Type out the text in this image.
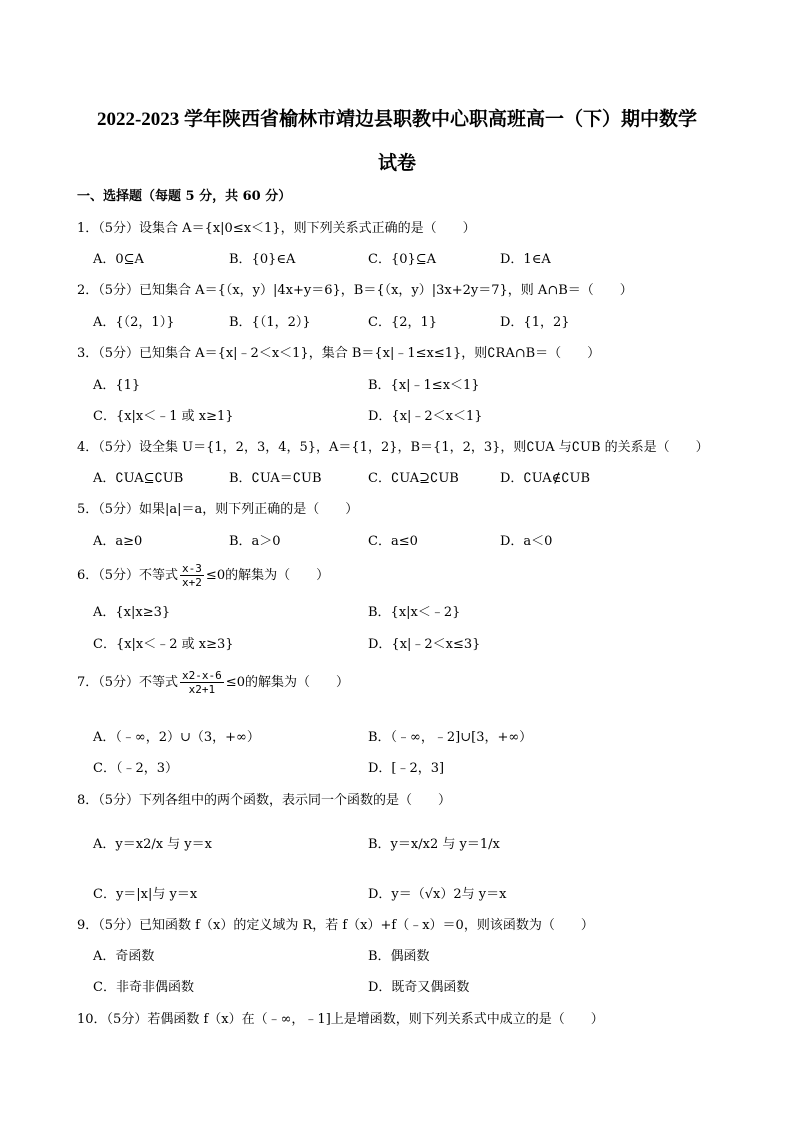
2022-2023 学年陕西省榆林市靖边县职教中心职高班高一（下）期中数学
试卷
一、选择题（每题 5 分，共 60 分）
1．（5分）设集合 A＝{x|0≤x＜1}，则下列关系式正确的是（　　）
A．0⊆A	B．{0}∈A	C．{0}⊆A	D．1∈A
2．（5分）已知集合 A＝{（x，y）|4x+y＝6}，B＝{（x，y）|3x+2y＝7}，则 A∩B＝（　　）
A．{（2，1）}	B．{（1，2）}	C．{2，1}	D．{1，2}
3．（5分）已知集合 A＝{x|﹣2＜x＜1}，集合 B＝{x|﹣1≤x≤1}，则∁RA∩B＝（　　）
A．{1}	B．{x|﹣1≤x＜1}
C．{x|x＜﹣1 或 x≥1}	D．{x|﹣2＜x＜1}
4．（5分）设全集 U＝{1，2，3，4，5}，A＝{1，2}，B＝{1，2，3}，则∁UA 与∁UB 的关系是（　　）
A．∁UA⊆∁UB	B．∁UA＝∁UB	C．∁UA⊇∁UB	D．∁UA∉∁UB
5．（5分）如果|a|＝a，则下列正确的是（　　）
A．a≥0	B．a＞0	C．a≤0	D．a＜0
6．（5分）不等式 $\frac{x-3}{x+2} \le 0$的解集为（　　）
A．{x|x≥3}	B．{x|x＜﹣2}
C．{x|x＜﹣2 或 x≥3}	D．{x|﹣2＜x≤3}
7．（5分）不等式 $\frac{x2-x-6}{x2+1} \le 0$的解集为（　　）
A．（﹣∞，2）∪（3，+∞）	B．（﹣∞，﹣2]∪[3，+∞）
C．（﹣2，3）	D．[﹣2，3]
8．（5分）下列各组中的两个函数，表示同一个函数的是（　　）
A．y＝x2/x 与 y＝x	B．y＝x/x2 与 y＝1/x
C．y＝|x|与 y＝x	D．y＝（√x）2与 y＝x
9．（5分）已知函数 f（x）的定义域为 R，若 f（x）+f（﹣x）＝0，则该函数为（　　）
A．奇函数	B．偶函数
C．非奇非偶函数	D．既奇又偶函数
10．（5分）若偶函数 f（x）在（﹣∞，﹣1]上是增函数，则下列关系式中成立的是（　　）
